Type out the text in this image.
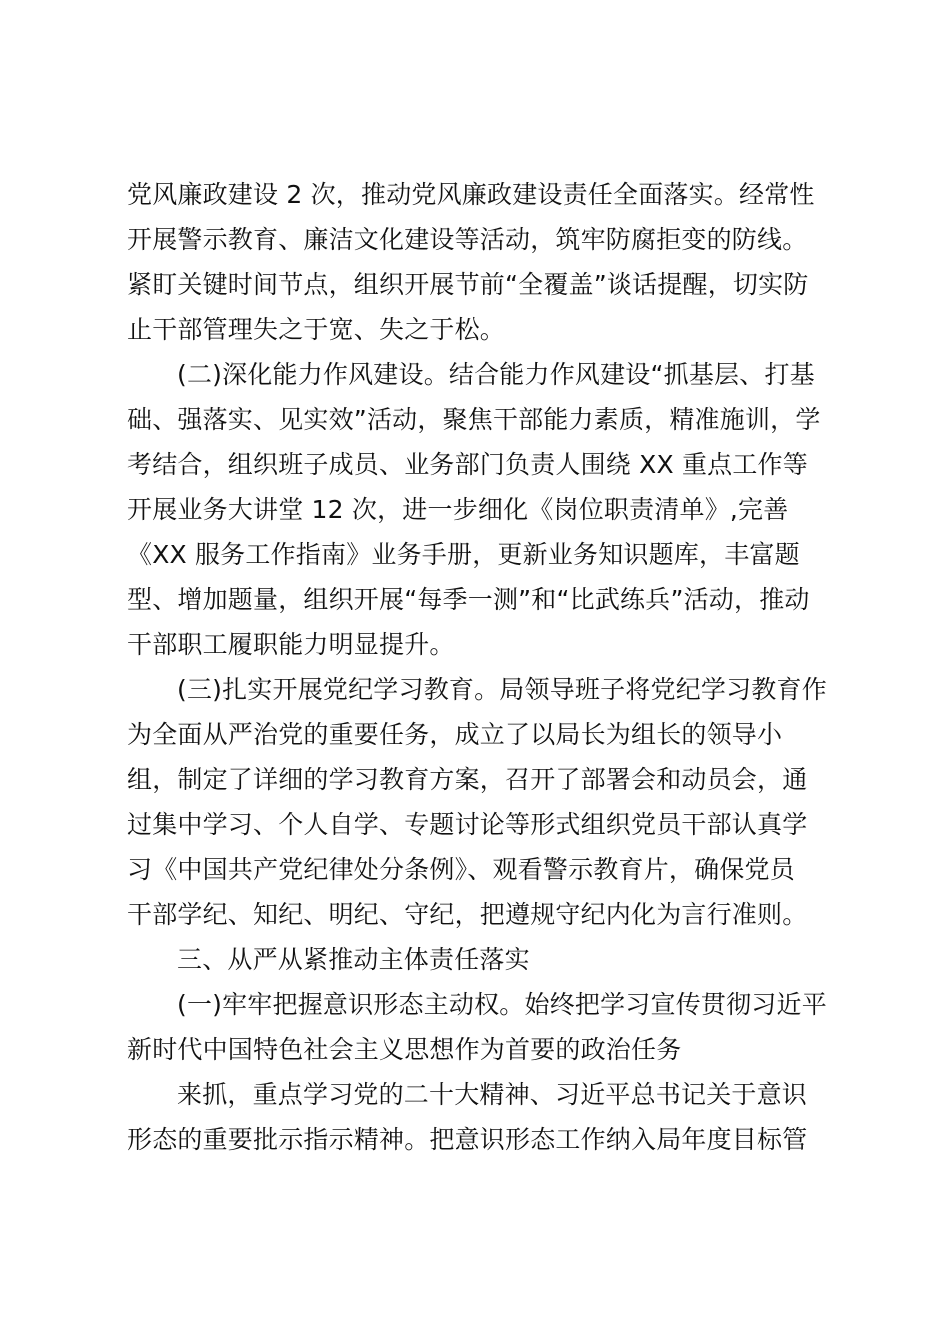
党风廉政建设 2 次，推动党风廉政建设责任全面落实。经常性
开展警示教育、廉洁文化建设等活动，筑牢防腐拒变的防线。
紧盯关键时间节点，组织开展节前“全覆盖”谈话提醒，切实防
止干部管理失之于宽、失之于松。
(二)深化能力作风建设。结合能力作风建设“抓基层、打基
础、强落实、见实效”活动，聚焦干部能力素质，精准施训，学
考结合，组织班子成员、业务部门负责人围绕 XX 重点工作等
开展业务大讲堂 12 次，进一步细化《岗位职责清单》,完善
《XX 服务工作指南》业务手册，更新业务知识题库，丰富题
型、增加题量，组织开展“每季一测”和“比武练兵”活动，推动
干部职工履职能力明显提升。
(三)扎实开展党纪学习教育。局领导班子将党纪学习教育作
为全面从严治党的重要任务，成立了以局长为组长的领导小
组，制定了详细的学习教育方案，召开了部署会和动员会，通
过集中学习、个人自学、专题讨论等形式组织党员干部认真学
习《中国共产党纪律处分条例》、观看警示教育片，确保党员
干部学纪、知纪、明纪、守纪，把遵规守纪内化为言行准则。
三、从严从紧推动主体责任落实
(一)牢牢把握意识形态主动权。始终把学习宣传贯彻习近平
新时代中国特色社会主义思想作为首要的政治任务
来抓，重点学习党的二十大精神、习近平总书记关于意识
形态的重要批示指示精神。把意识形态工作纳入局年度目标管
